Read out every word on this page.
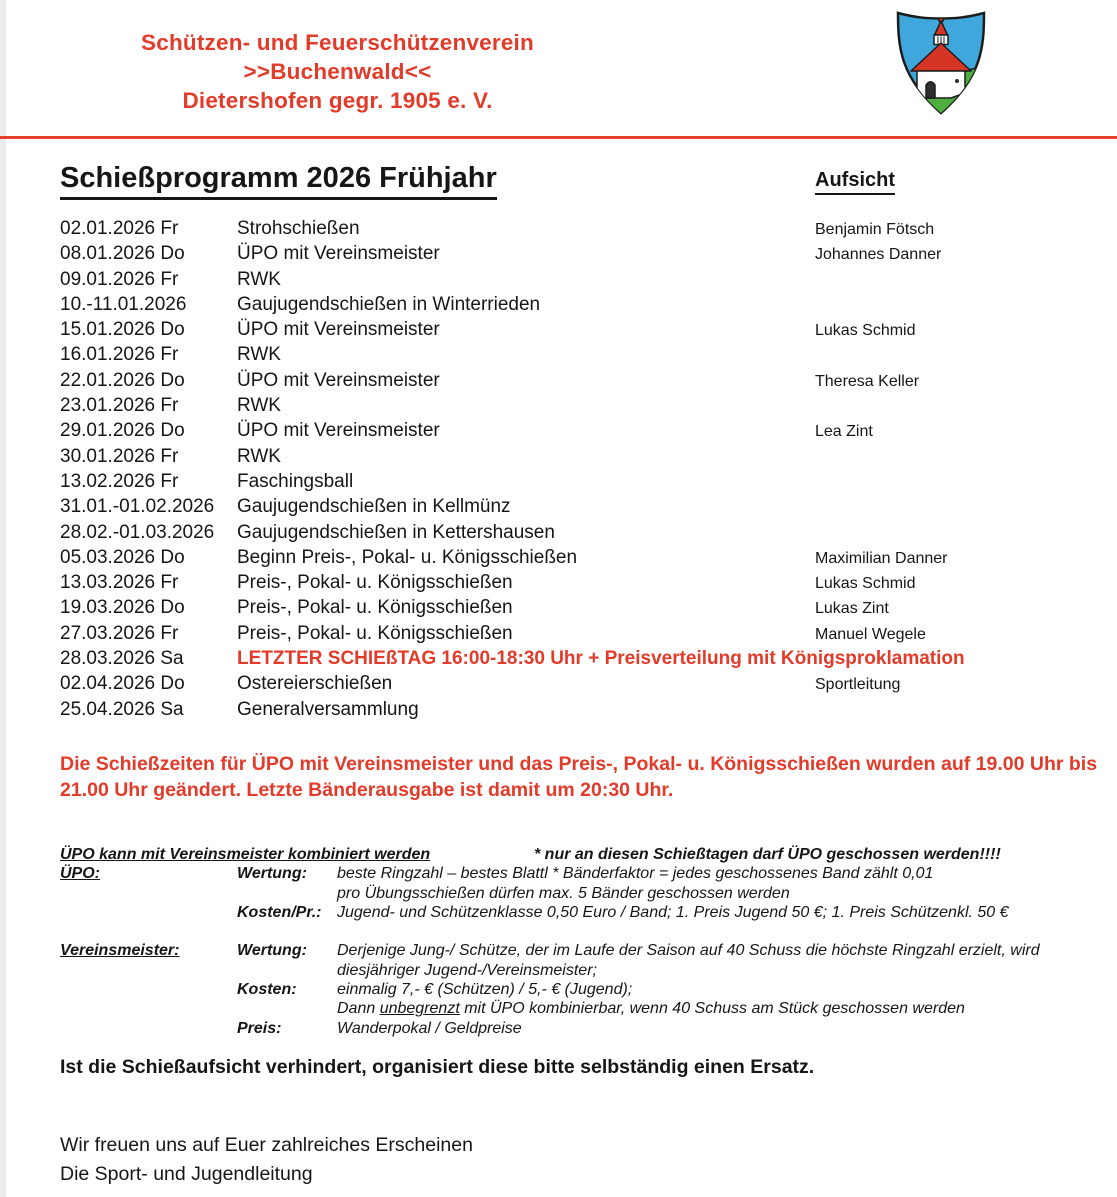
Schützen- und Feuerschützenverein
>>Buchenwald<<
Dietershofen gegr. 1905 e. V.
Schießprogramm 2026 Frühjahr	Aufsicht
02.01.2026 Fr	Strohschießen	Benjamin Fötsch
08.01.2026 Do	ÜPO mit Vereinsmeister	Johannes Danner
09.01.2026 Fr	RWK
10.-11.01.2026	Gaujugendschießen in Winterrieden
15.01.2026 Do	ÜPO mit Vereinsmeister	Lukas Schmid
16.01.2026 Fr	RWK
22.01.2026 Do	ÜPO mit Vereinsmeister	Theresa Keller
23.01.2026 Fr	RWK
29.01.2026 Do	ÜPO mit Vereinsmeister	Lea Zint
30.01.2026 Fr	RWK
13.02.2026 Fr	Faschingsball
31.01.-01.02.2026	Gaujugendschießen in Kellmünz
28.02.-01.03.2026	Gaujugendschießen in Kettershausen
05.03.2026 Do	Beginn Preis-, Pokal- u. Königsschießen	Maximilian Danner
13.03.2026 Fr	Preis-, Pokal- u. Königsschießen	Lukas Schmid
19.03.2026 Do	Preis-, Pokal- u. Königsschießen	Lukas Zint
27.03.2026 Fr	Preis-, Pokal- u. Königsschießen	Manuel Wegele
28.03.2026 Sa	LETZTER SCHIEßTAG 16:00-18:30 Uhr + Preisverteilung mit Königsproklamation
02.04.2026 Do	Ostereierschießen	Sportleitung
25.04.2026 Sa	Generalversammlung

Die Schießzeiten für ÜPO mit Vereinsmeister und das Preis-, Pokal- u. Königsschießen wurden auf 19.00 Uhr bis 21.00 Uhr geändert. Letzte Bänderausgabe ist damit um 20:30 Uhr.

ÜPO kann mit Vereinsmeister kombiniert werden	* nur an diesen Schießtagen darf ÜPO geschossen werden!!!!
ÜPO:	Wertung:	beste Ringzahl – bestes Blattl * Bänderfaktor = jedes geschossenes Band zählt 0,01
pro Übungsschießen dürfen max. 5 Bänder geschossen werden
Kosten/Pr.: Jugend- und Schützenklasse 0,50 Euro / Band; 1. Preis Jugend 50 €; 1. Preis Schützenkl. 50 €
Vereinsmeister:	Wertung:	Derjenige Jung-/ Schütze, der im Laufe der Saison auf 40 Schuss die höchste Ringzahl erzielt, wird
diesjähriger Jugend-/Vereinsmeister;
Kosten:	einmalig 7,- € (Schützen) / 5,- € (Jugend);
Dann unbegrenzt mit ÜPO kombinierbar, wenn 40 Schuss am Stück geschossen werden
Preis:	Wanderpokal / Geldpreise

Ist die Schießaufsicht verhindert, organisiert diese bitte selbständig einen Ersatz.

Wir freuen uns auf Euer zahlreiches Erscheinen
Die Sport- und Jugendleitung
